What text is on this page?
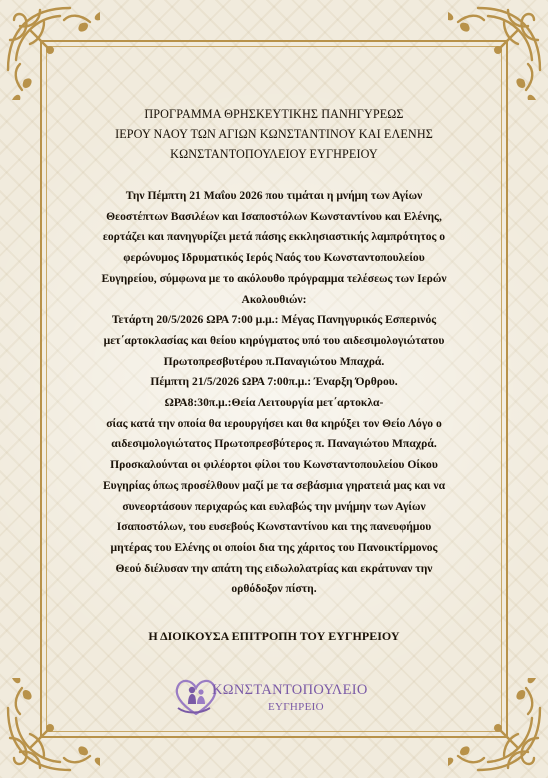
ΠΡΟΓΡΑΜΜΑ ΘΡΗΣΚΕΥΤΙΚΗΣ ΠΑΝΗΓΥΡΕΩΣ
ΙΕΡΟΥ ΝΑΟΥ ΤΩΝ ΑΓΙΩΝ ΚΩΝΣΤΑΝΤΙΝΟΥ ΚΑΙ ΕΛΕΝΗΣ
ΚΩΝΣΤΑΝΤΟΠΟΥΛΕΙΟΥ ΕΥΓΗΡΕΙΟΥ
Την Πέμπτη 21 Μαΐου 2026 που τιμάται η μνήμη των Αγίων
Θεοστέπτων Βασιλέων και Ισαποστόλων Κωνσταντίνου και Ελένης,
εορτάζει και πανηγυρίζει μετά πάσης εκκλησιαστικής λαμπρότητος ο
φερώνυμος Ιδρυματικός Ιερός Ναός του Κωνσταντοπουλείου
Ευγηρείου, σύμφωνα με το ακόλουθο πρόγραμμα τελέσεως των Ιερών
Ακολουθιών:
Τετάρτη 20/5/2026 ΩΡΑ 7:00 μ.μ.: Μέγας Πανηγυρικός Εσπερινός
μετ΄αρτοκλασίας και θείου κηρύγματος υπό του αιδεσιμολογιώτατου
Πρωτοπρεσβυτέρου π.Παναγιώτου Μπαχρά.
Πέμπτη 21/5/2026 ΩΡΑ 7:00π.μ.: Έναρξη Όρθρου.
ΩΡΑ8:30π.μ.:Θεία Λειτουργία μετ΄αρτοκλα-
σίας κατά την οποία θα ιερουργήσει και θα κηρύξει τον Θείο Λόγο ο
αιδεσιμολογιώτατος Πρωτοπρεσβύτερος π. Παναγιώτου Μπαχρά.
Προσκαλούνται οι φιλέορτοι φίλοι του Κωνσταντοπουλείου Οίκου
Ευγηρίας όπως προσέλθουν μαζί με τα σεβάσμια γηρατειά μας και να
συνεορτάσουν περιχαρώς και ευλαβώς την μνήμην των Αγίων
Ισαποστόλων, του ευσεβούς Κωνσταντίνου και της πανευφήμου
μητέρας του Ελένης οι οποίοι δια της χάριτος του Πανοικτίρμονος
Θεού διέλυσαν την απάτη της ειδωλολατρίας και εκράτυναν την
ορθόδοξον πίστη.
Η ΔΙΟΙΚΟΥΣΑ ΕΠΙΤΡΟΠΗ ΤΟΥ ΕΥΓΗΡΕΙΟΥ
ΚΩΝΣΤΑΝΤΟΠΟΥΛΕΙΟ
ΕΥΓΗΡΕΙΟ
